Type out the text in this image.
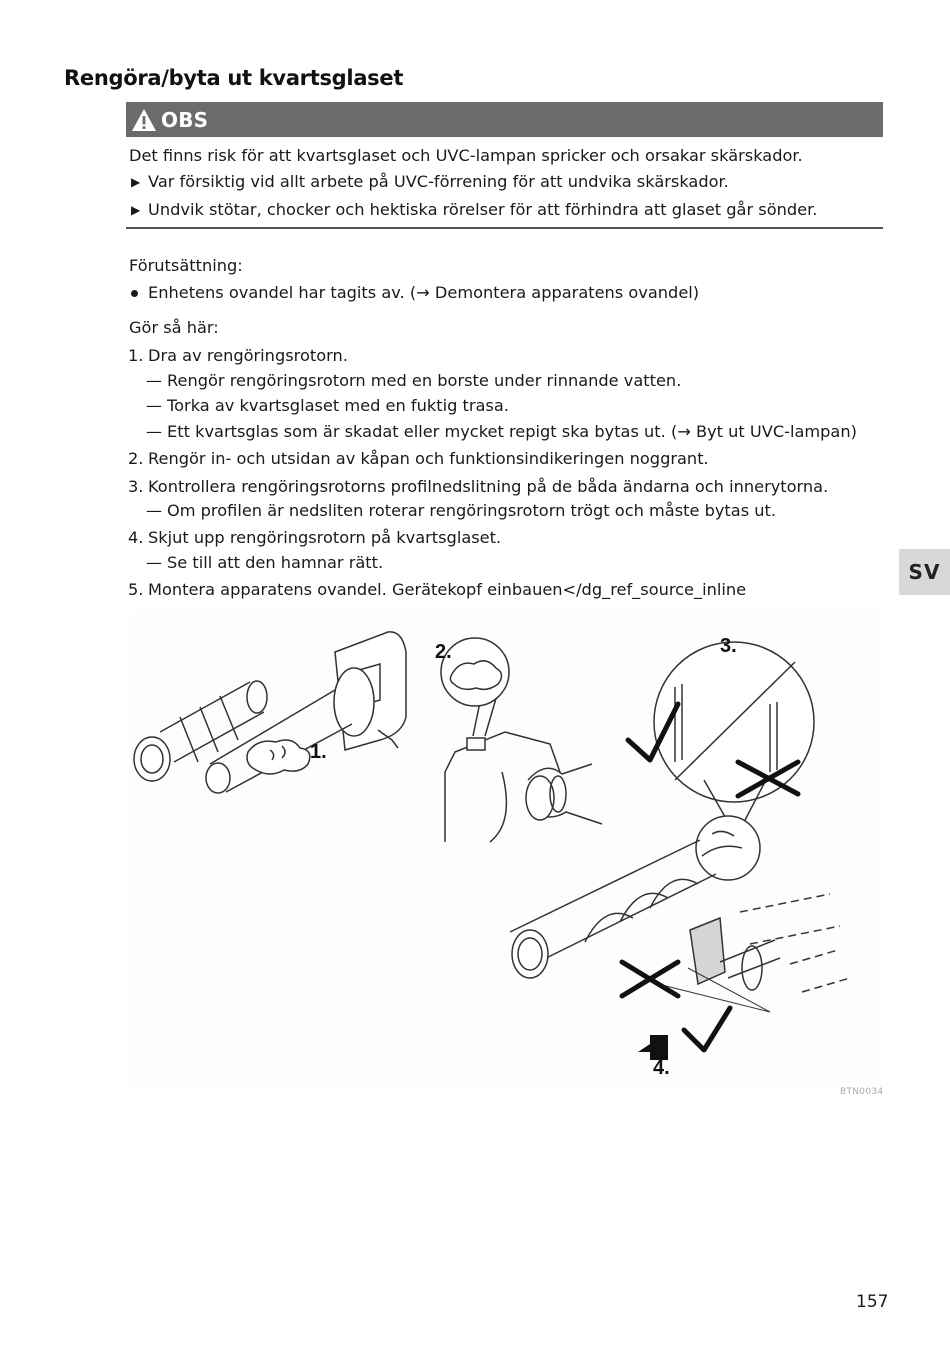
Rengöra/byta ut kvartsglaset
OBS
Det finns risk för att kvartsglaset och UVC-lampan spricker och orsakar skärskador.
▶ Var försiktig vid allt arbete på UVC-förrening för att undvika skärskador.
▶ Undvik stötar, chocker och hektiska rörelser för att förhindra att glaset går sönder.
Förutsättning:
Enhetens ovandel har tagits av. (→ Demontera apparatens ovandel)
Gör så här:
1. Dra av rengöringsrotorn.
— Rengör rengöringsrotorn med en borste under rinnande vatten.
— Torka av kvartsglaset med en fuktig trasa.
— Ett kvartsglas som är skadat eller mycket repigt ska bytas ut. (→ Byt ut UVC-lampan)
2. Rengör in- och utsidan av kåpan och funktionsindikeringen noggrant.
3. Kontrollera rengöringsrotorns profilnedslitning på de båda ändarna och innerytorna.
— Om profilen är nedsliten roterar rengöringsrotorn trögt och måste bytas ut.
4. Skjut upp rengöringsrotorn på kvartsglaset.
— Se till att den hamnar rätt.
5. Montera apparatens ovandel. Gerätekopf einbauen</dg_ref_source_inline
1.
2.	3.
4.
BTN0034
SV
157
